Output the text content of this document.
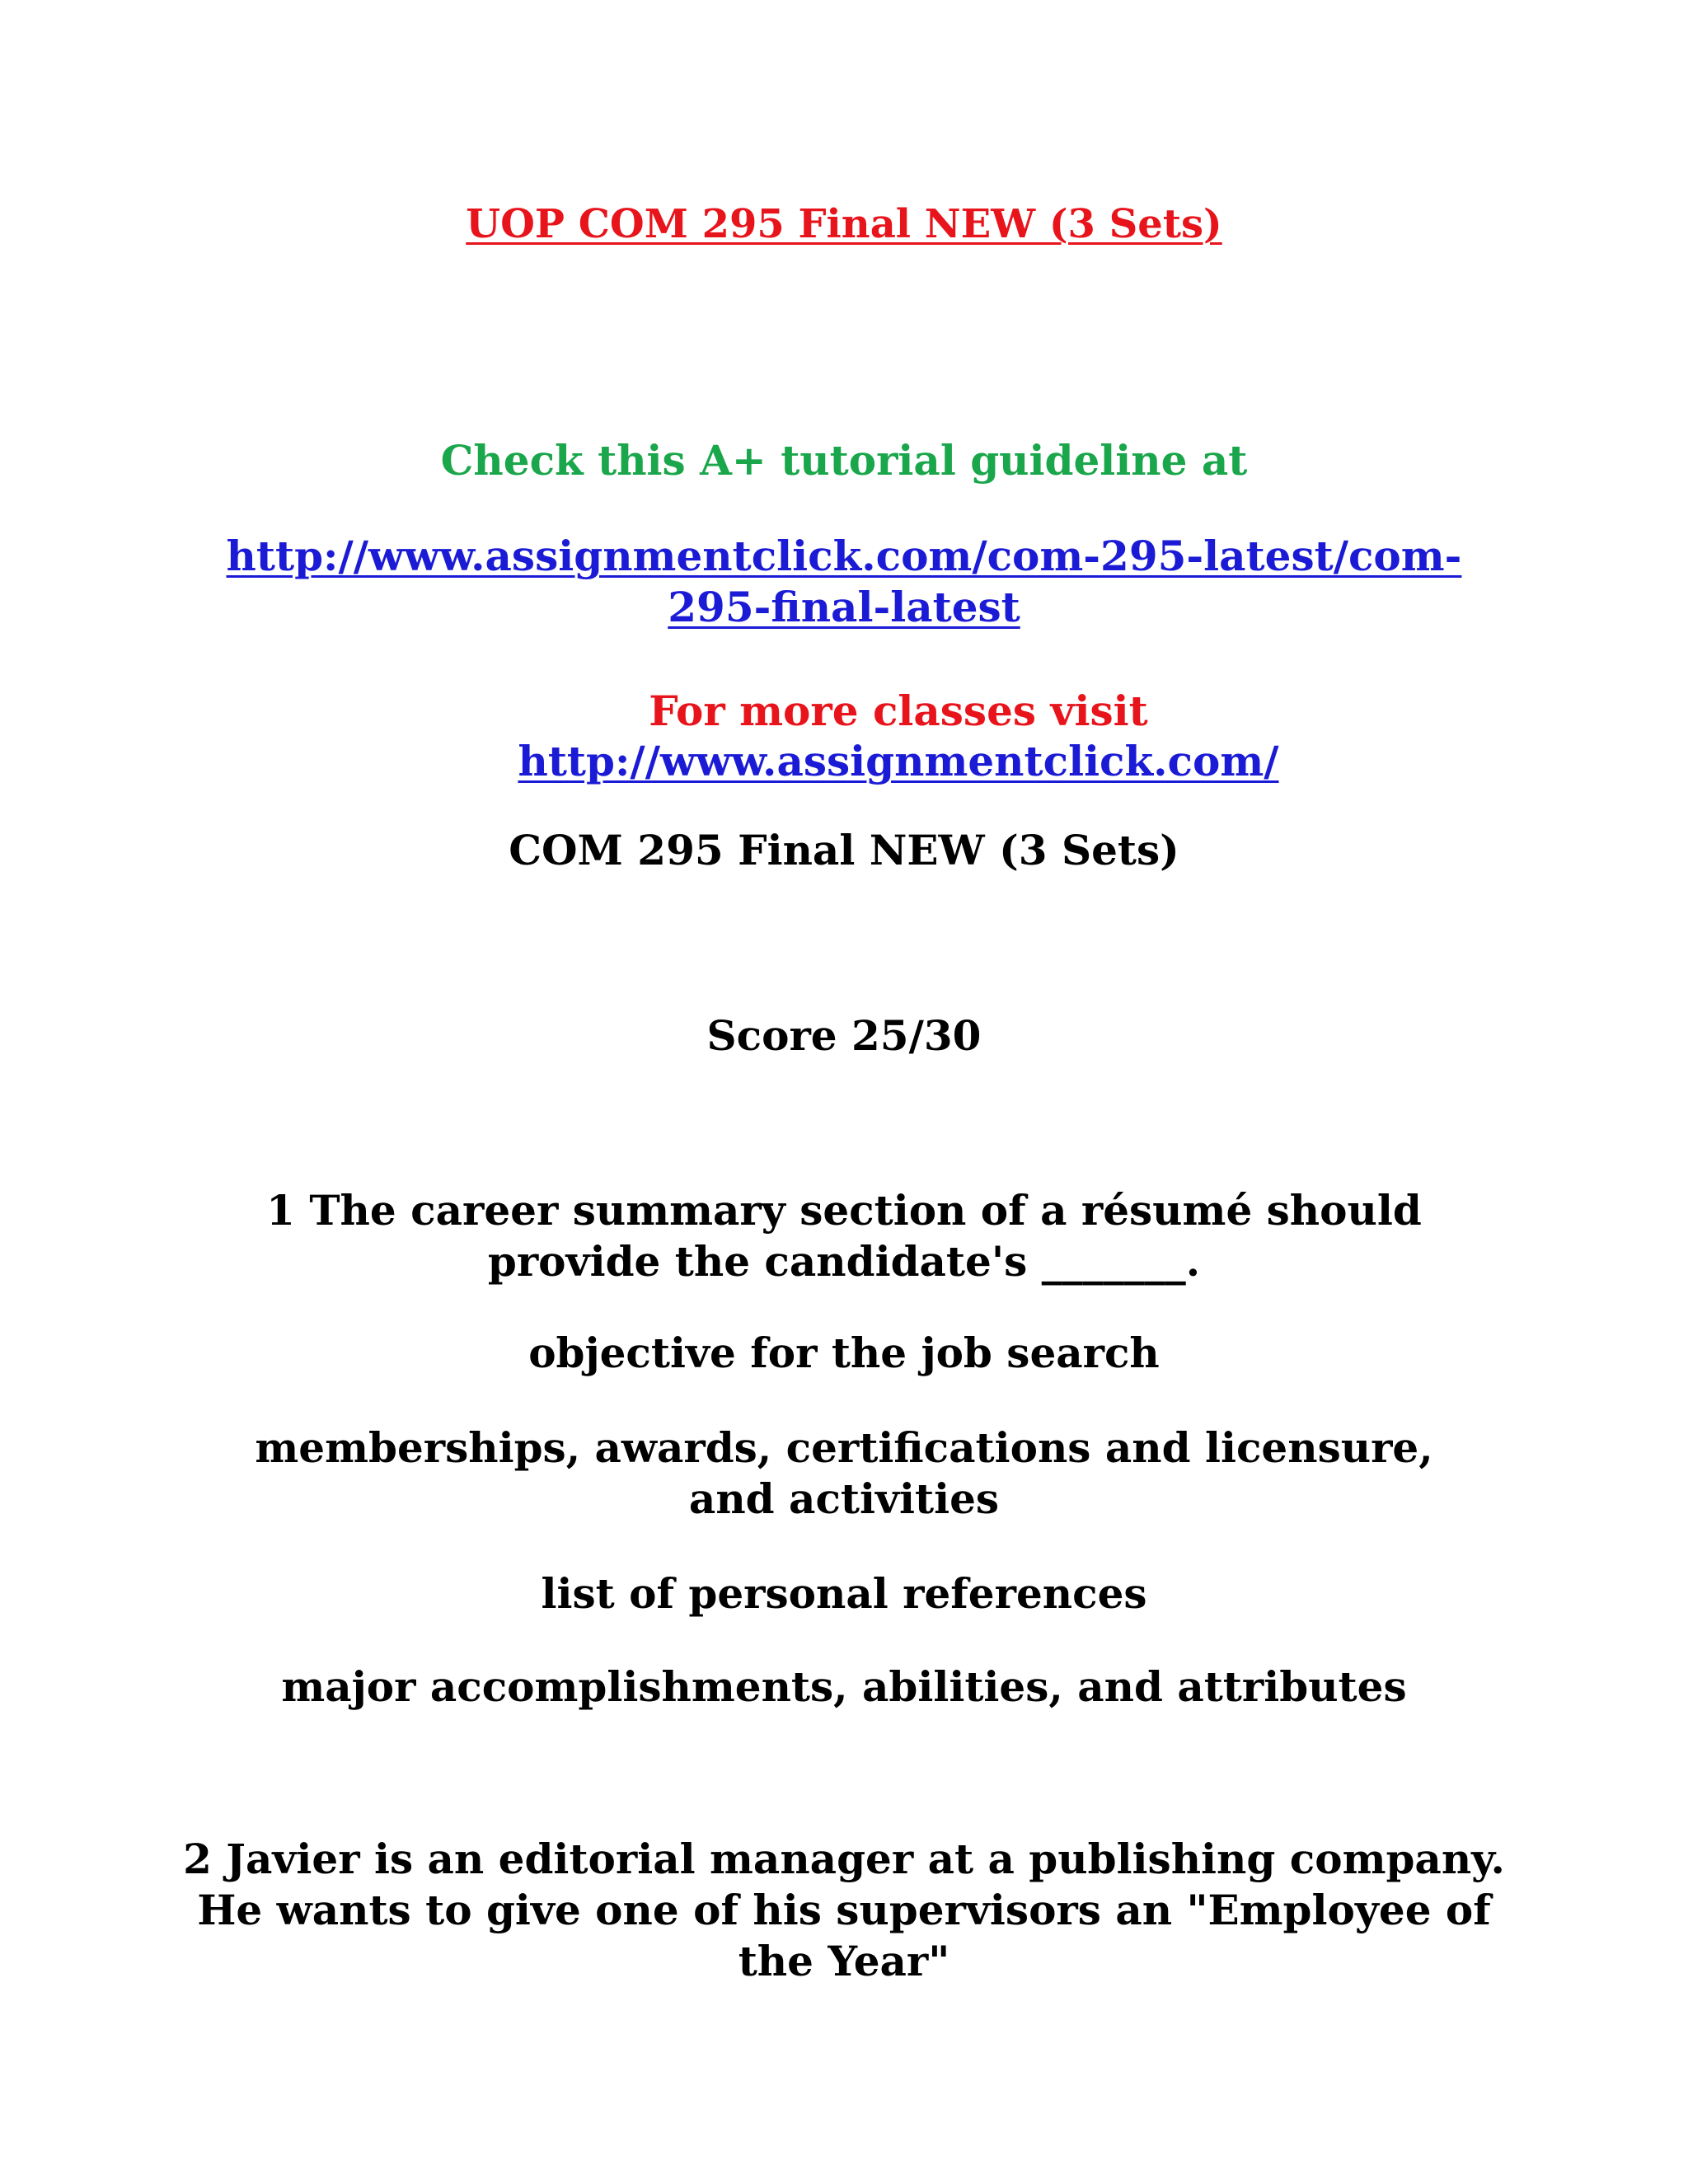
UOP COM 295 Final NEW (3 Sets)

Check this A+ tutorial guideline at

http://www.assignmentclick.com/com-295-latest/com-295-final-latest

For more classes visit

http://www.assignmentclick.com/

COM 295 Final NEW (3 Sets)

Score 25/30

1 The career summary section of a résumé should provide the candidate's _______.

objective for the job search

memberships, awards, certifications and licensure, and activities

list of personal references

major accomplishments, abilities, and attributes

2 Javier is an editorial manager at a publishing company. He wants to give one of his supervisors an "Employee of the Year"
